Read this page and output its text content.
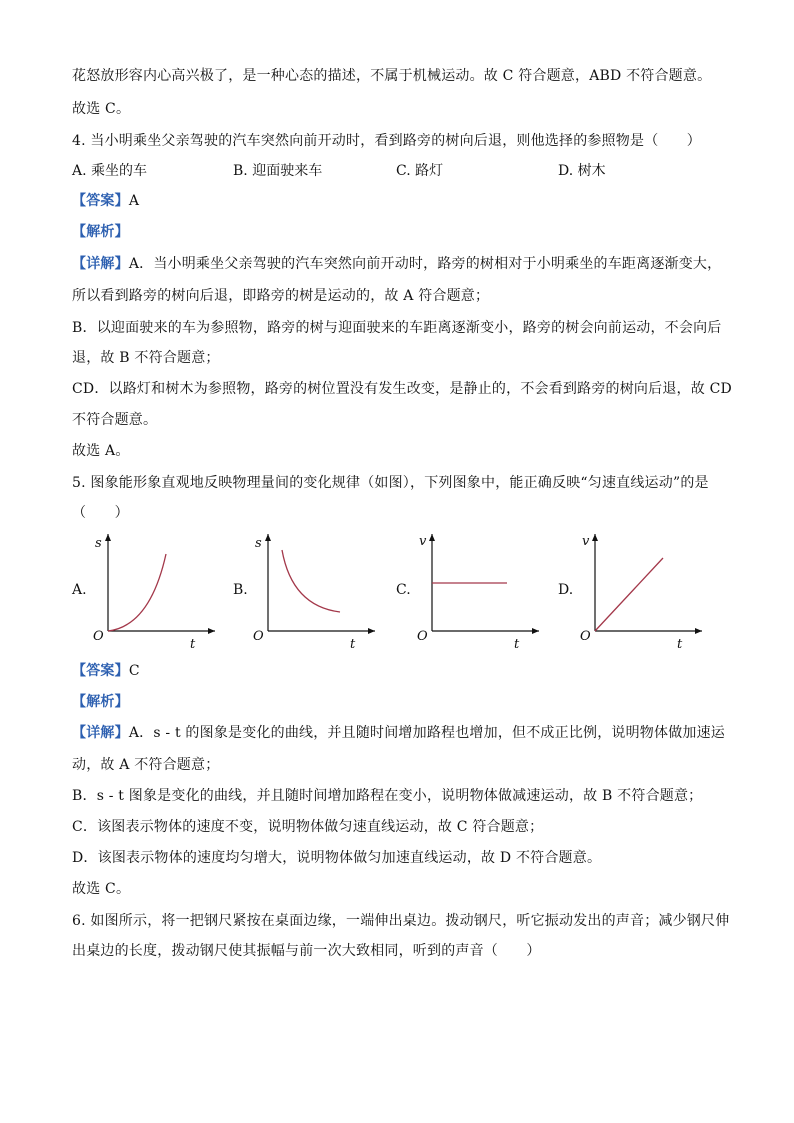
花怒放形容内心高兴极了，是一种心态的描述，不属于机械运动。故 C 符合题意，ABD 不符合题意。
故选 C。
4. 当小明乘坐父亲驾驶的汽车突然向前开动时，看到路旁的树向后退，则他选择的参照物是（　　）
A. 乘坐的车	B. 迎面驶来车	C. 路灯	D. 树木
【答案】A
【解析】
【详解】A．当小明乘坐父亲驾驶的汽车突然向前开动时，路旁的树相对于小明乘坐的车距离逐渐变大，
所以看到路旁的树向后退，即路旁的树是运动的，故 A 符合题意；
B．以迎面驶来的车为参照物，路旁的树与迎面驶来的车距离逐渐变小，路旁的树会向前运动，不会向后
退，故 B 不符合题意；
CD．以路灯和树木为参照物，路旁的树位置没有发生改变，是静止的，不会看到路旁的树向后退，故 CD
不符合题意。
故选 A。
5. 图象能形象直观地反映物理量间的变化规律（如图），下列图象中，能正确反映“匀速直线运动”的是
（　　）
A.	B.	C.	D.
s
t
O
s
t
O
v
t
O
v
t
O
【答案】C
【解析】
【详解】A．s - t 的图象是变化的曲线，并且随时间增加路程也增加，但不成正比例，说明物体做加速运
动，故 A 不符合题意；
B．s - t 图象是变化的曲线，并且随时间增加路程在变小，说明物体做减速运动，故 B 不符合题意；
C．该图表示物体的速度不变，说明物体做匀速直线运动，故 C 符合题意；
D．该图表示物体的速度均匀增大，说明物体做匀加速直线运动，故 D 不符合题意。
故选 C。
6. 如图所示，将一把钢尺紧按在桌面边缘，一端伸出桌边。拨动钢尺，听它振动发出的声音；减少钢尺伸
出桌边的长度，拨动钢尺使其振幅与前一次大致相同，听到的声音（　　）
